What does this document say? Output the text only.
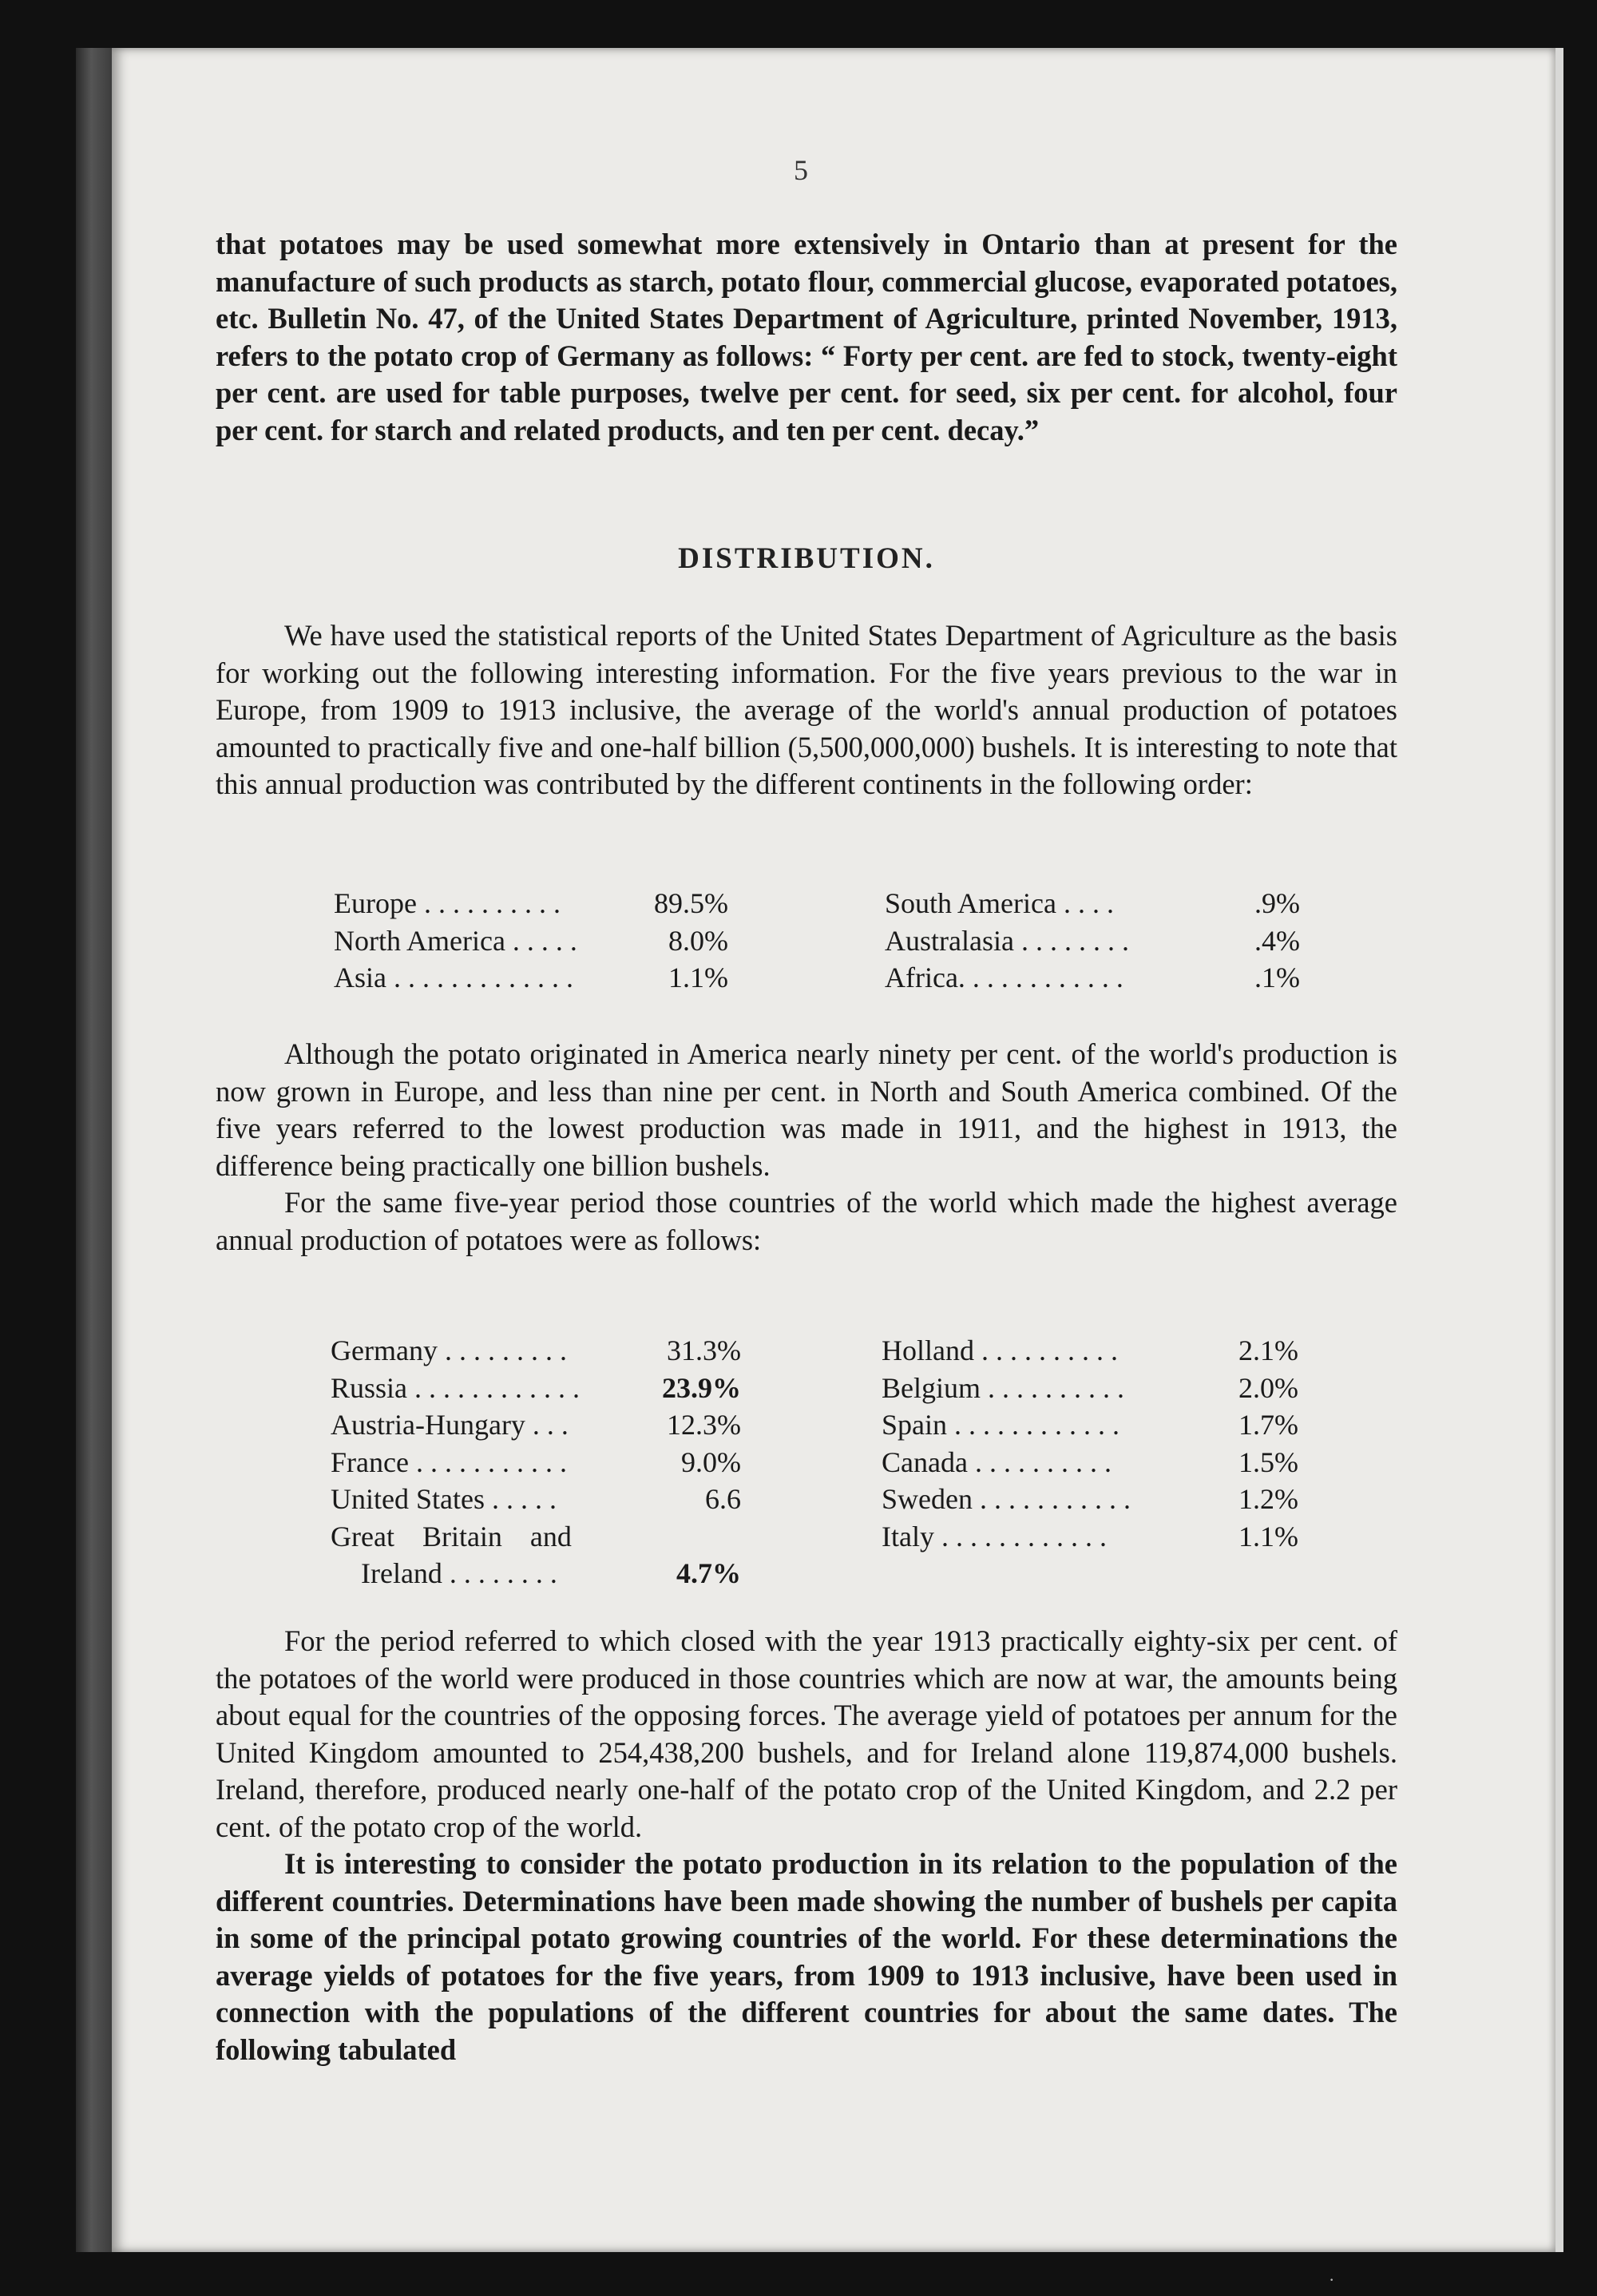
5

that potatoes may be used somewhat more extensively in Ontario than at present for the manufacture of such products as starch, potato flour, commercial glucose, evaporated potatoes, etc. Bulletin No. 47, of the United States Department of Agriculture, printed November, 1913, refers to the potato crop of Germany as follows: “ Forty per cent. are fed to stock, twenty-eight per cent. are used for table purposes, twelve per cent. for seed, six per cent. for alcohol, four per cent. for starch and related products, and ten per cent. decay.”

DISTRIBUTION.

We have used the statistical reports of the United States Department of Agriculture as the basis for working out the following interesting information. For the five years previous to the war in Europe, from 1909 to 1913 inclusive, the average of the world's annual production of potatoes amounted to practically five and one-half billion (5,500,000,000) bushels. It is interesting to note that this annual production was contributed by the different continents in the following order:

Europe . . . . . . . . . .	89.5%
North America . . . . .	8.0%
Asia . . . . . . . . . . . . .	1.1%
South America . . . .	.9%
Australasia . . . . . . . .	.4%
Africa. . . . . . . . . . . .	.1%

Although the potato originated in America nearly ninety per cent. of the world's production is now grown in Europe, and less than nine per cent. in North and South America combined. Of the five years referred to the lowest production was made in 1911, and the highest in 1913, the difference being practically one billion bushels.

For the same five-year period those countries of the world which made the highest average annual production of potatoes were as follows:

Germany . . . . . . . . .	31.3%
Russia . . . . . . . . . . . .	23.9%
Austria-Hungary . . .	12.3%
France . . . . . . . . . . .	9.0%
United States . . . . .	6.6
Great Britain and
Ireland . . . . . . . .	4.7%
Holland . . . . . . . . . .	2.1%
Belgium . . . . . . . . . .	2.0%
Spain . . . . . . . . . . . .	1.7%
Canada . . . . . . . . . .	1.5%
Sweden . . . . . . . . . . .	1.2%
Italy . . . . . . . . . . . .	1.1%

For the period referred to which closed with the year 1913 practically eighty-six per cent. of the potatoes of the world were produced in those countries which are now at war, the amounts being about equal for the countries of the opposing forces. The average yield of potatoes per annum for the United Kingdom amounted to 254,438,200 bushels, and for Ireland alone 119,874,000 bushels. Ireland, therefore, produced nearly one-half of the potato crop of the United Kingdom, and 2.2 per cent. of the potato crop of the world.

It is interesting to consider the potato production in its relation to the population of the different countries. Determinations have been made showing the number of bushels per capita in some of the principal potato growing countries of the world. For these determinations the average yields of potatoes for the five years, from 1909 to 1913 inclusive, have been used in connection with the populations of the different countries for about the same dates. The following tabulated

·
